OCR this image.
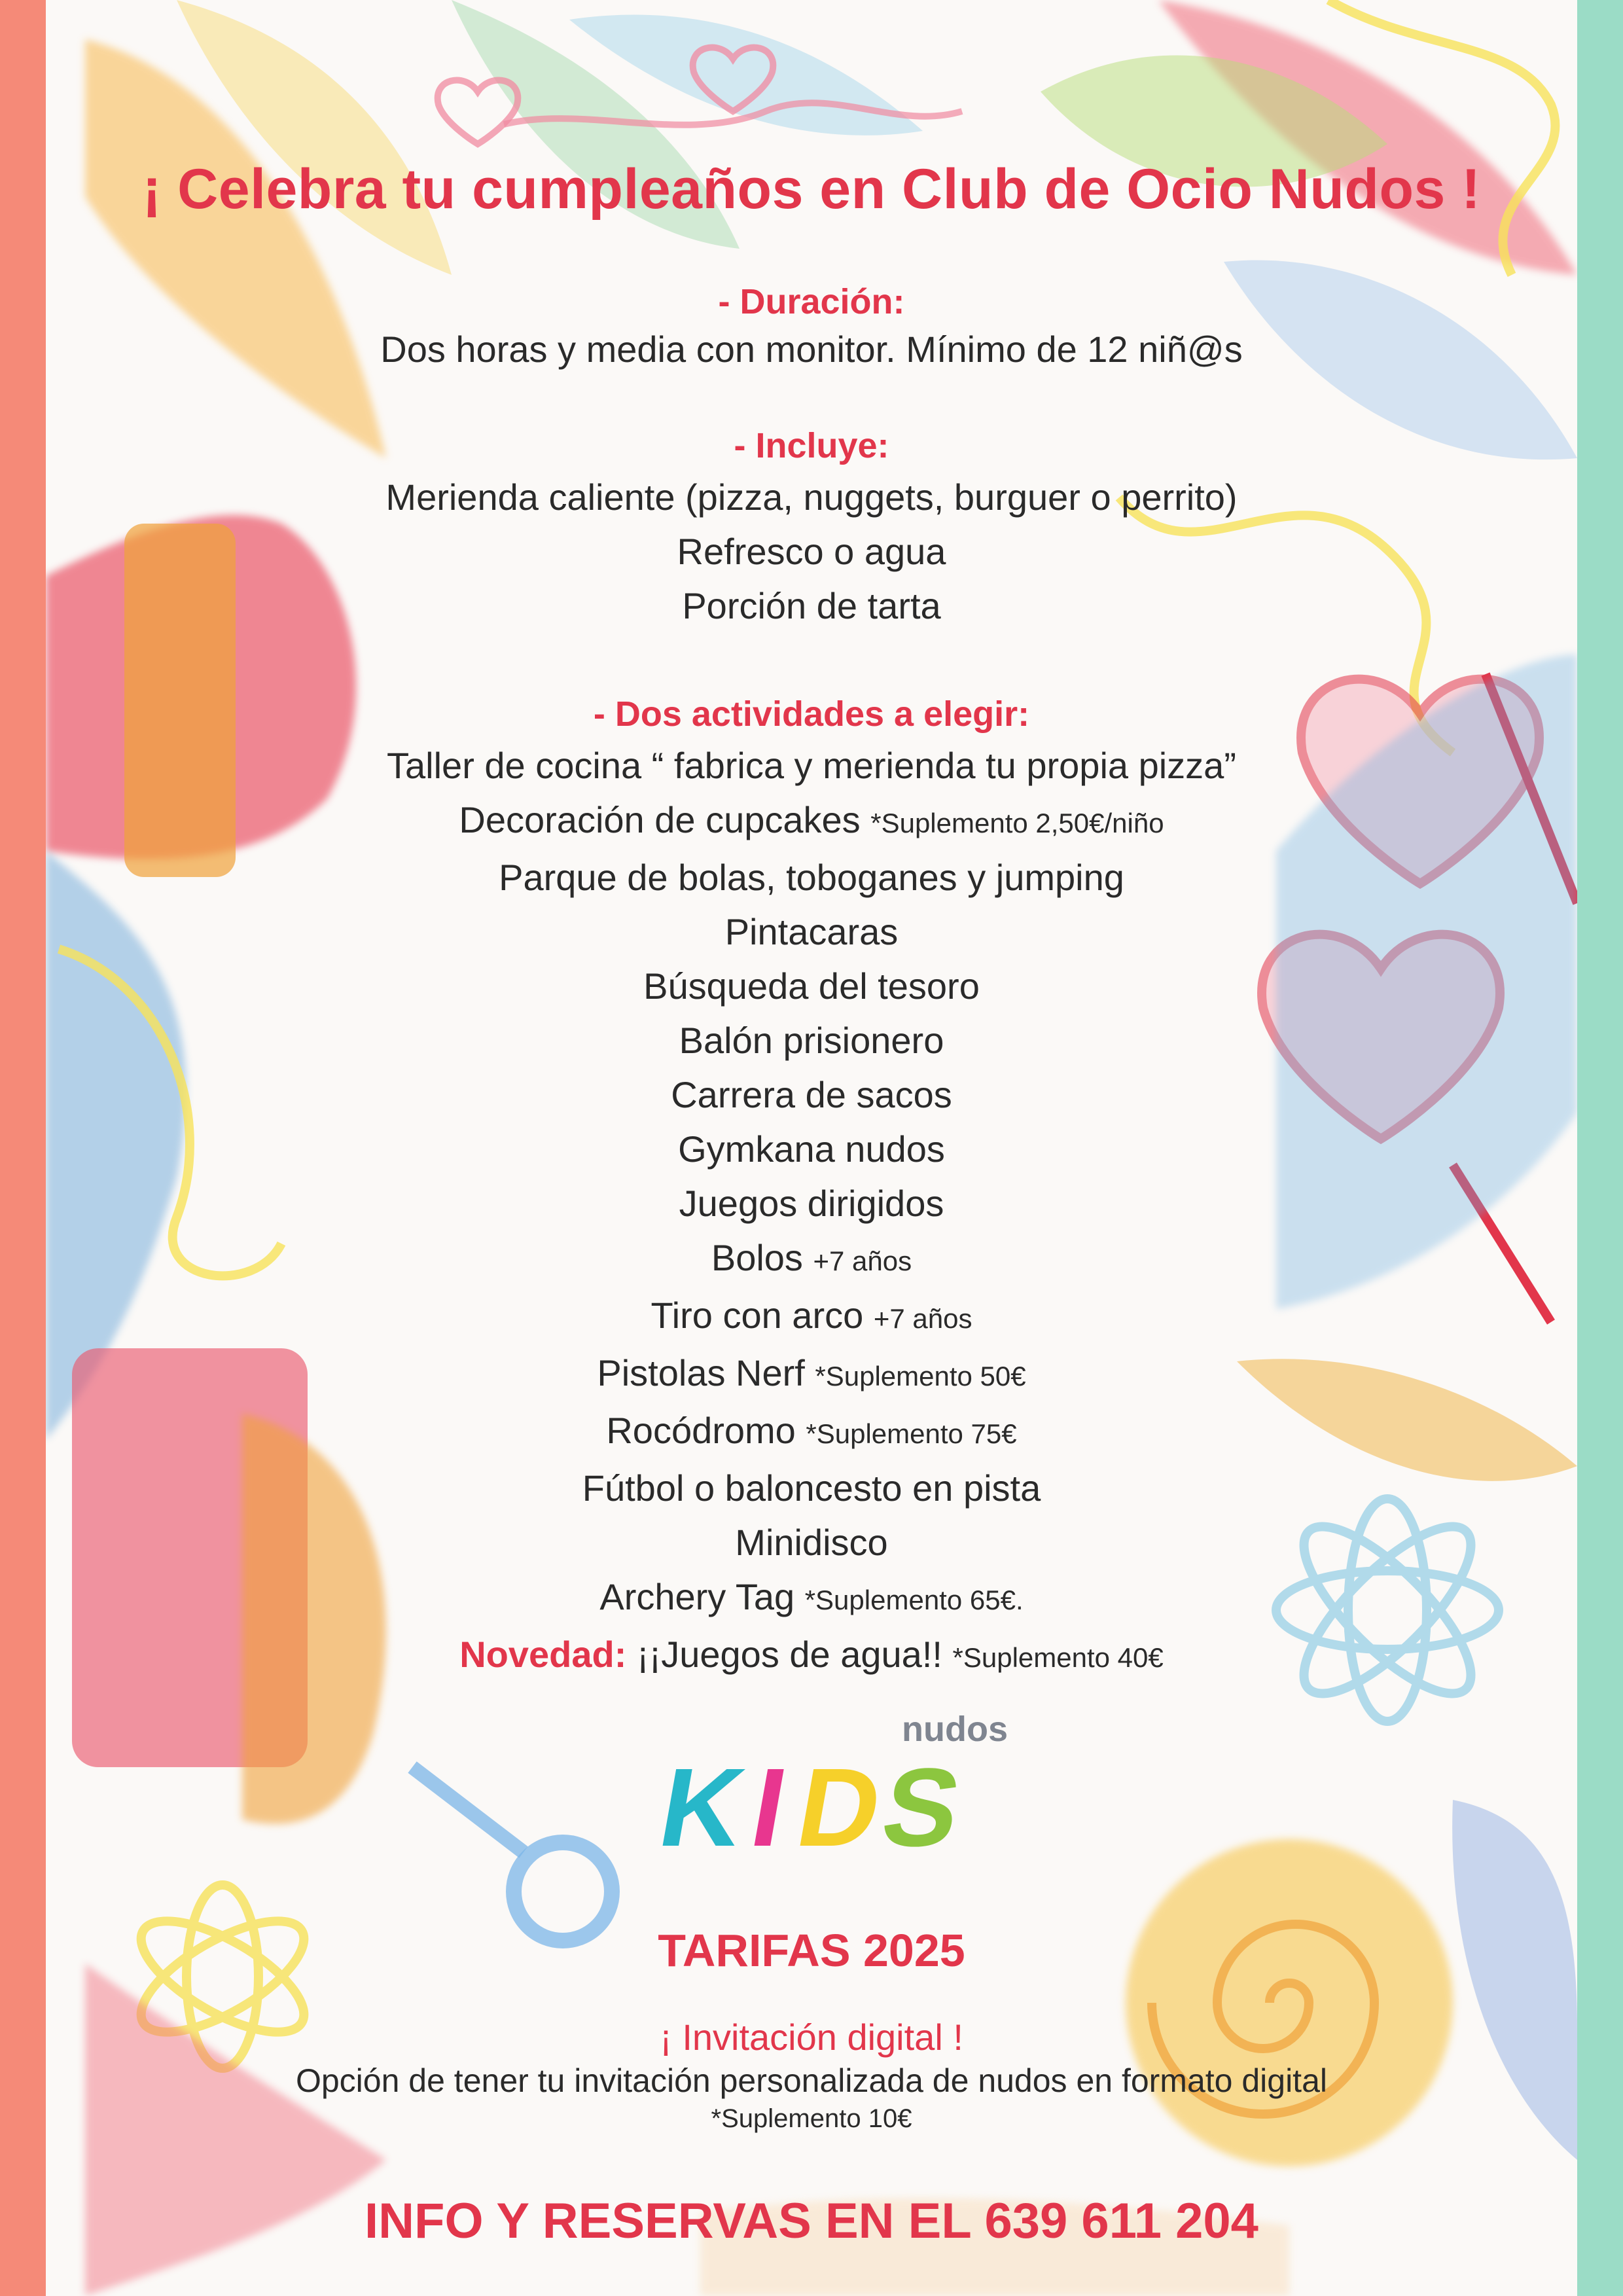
¡ Celebra tu cumpleaños en Club de Ocio Nudos !
- Duración:
Dos horas y media con monitor. Mínimo de 12 niñ@s
- Incluye:
Merienda caliente (pizza, nuggets, burguer o perrito)
Refresco o agua
Porción de tarta
- Dos actividades a elegir:
Taller de cocina “ fabrica y merienda tu propia pizza”
Decoración de cupcakes *Suplemento 2,50€/niño
Parque de bolas, toboganes y jumping
Pintacaras
Búsqueda del tesoro
Balón prisionero
Carrera de sacos
Gymkana nudos
Juegos dirigidos
Bolos +7 años
Tiro con arco +7 años
Pistolas Nerf *Suplemento 50€
Rocódromo *Suplemento 75€
Fútbol o baloncesto en pista
Minidisco
Archery Tag *Suplemento 65€.
Novedad: ¡¡Juegos de agua!! *Suplemento 40€
nudos
K
I
D
S
TARIFAS 2025
¡ Invitación digital !
Opción de tener tu invitación personalizada de nudos en formato digital
*Suplemento 10€
INFO Y RESERVAS EN EL 639 611 204
